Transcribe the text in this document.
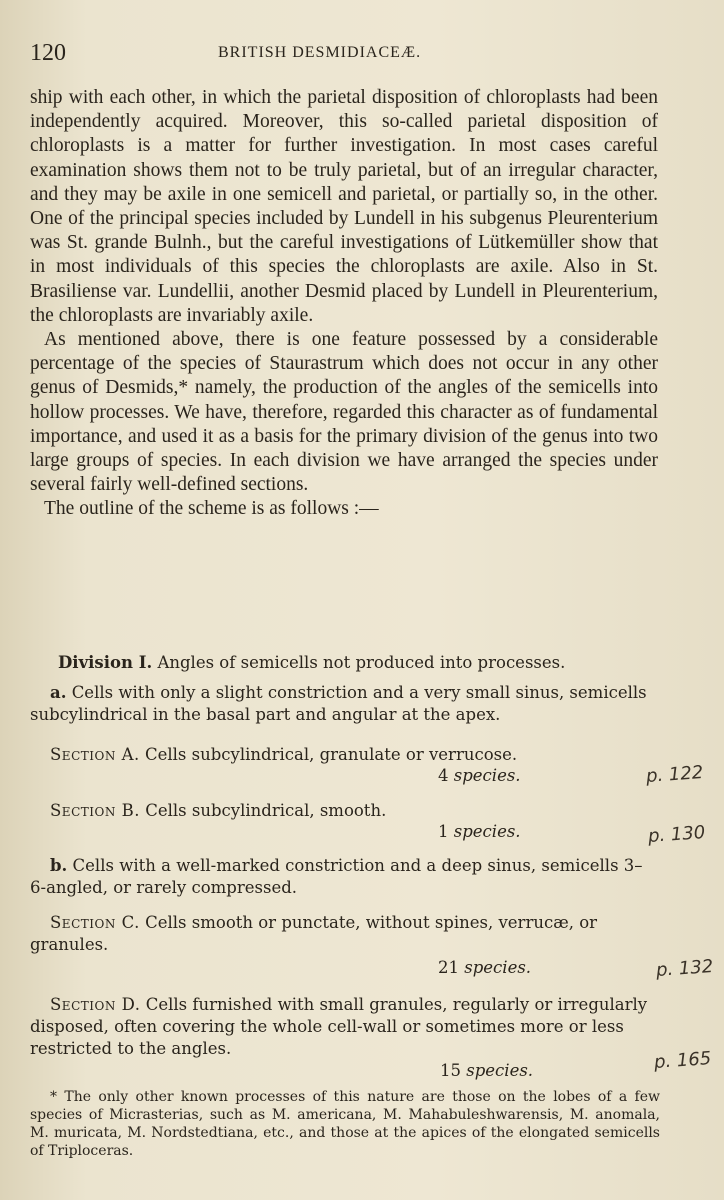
120	BRITISH DESMIDIACEÆ.

ship with each other, in which the parietal disposition of chloroplasts had been independently acquired. Moreover, this so-called parietal disposition of chloroplasts is a matter for further investigation. In most cases careful examination shows them not to be truly parietal, but of an irregular character, and they may be axile in one semicell and parietal, or partially so, in the other. One of the principal species included by Lundell in his subgenus Pleurenterium was St. grande Bulnh., but the careful investigations of Lütkemüller show that in most individuals of this species the chloroplasts are axile. Also in St. Brasiliense var. Lundellii, another Desmid placed by Lundell in Pleurenterium, the chloroplasts are invariably axile.

As mentioned above, there is one feature possessed by a considerable percentage of the species of Staurastrum which does not occur in any other genus of Desmids,* namely, the production of the angles of the semicells into hollow processes. We have, therefore, regarded this character as of fundamental importance, and used it as a basis for the primary division of the genus into two large groups of species. In each division we have arranged the species under several fairly well-defined sections.

The outline of the scheme is as follows :—

Division I. Angles of semicells not produced into processes.
a. Cells with only a slight constriction and a very small sinus, semicells subcylindrical in the basal part and angular at the apex.
Section A. Cells subcylindrical, granulate or verrucose.
4 species.	p. 122
Section B. Cells subcylindrical, smooth.
1 species.	p. 130
b. Cells with a well-marked constriction and a deep sinus, semicells 3–6-angled, or rarely compressed.
Section C. Cells smooth or punctate, without spines, verrucæ, or granules.
21 species.	p. 132
Section D. Cells furnished with small granules, regularly or irregularly disposed, often covering the whole cell-wall or sometimes more or less restricted to the angles.
15 species.	p. 165
* The only other known processes of this nature are those on the lobes of a few species of Micrasterias, such as M. americana, M. Mahabuleshwarensis, M. anomala, M. muricata, M. Nordstedtiana, etc., and those at the apices of the elongated semicells of Triploceras.
